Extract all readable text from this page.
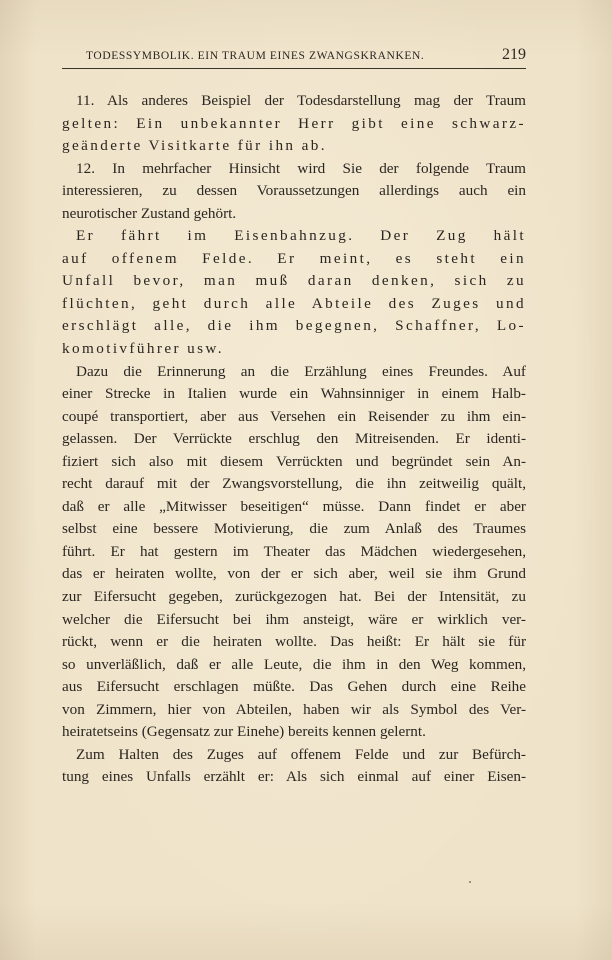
TODESSYMBOLIK. EIN TRAUM EINES ZWANGSKRANKEN.	219
11. Als anderes Beispiel der Todesdarstellung mag der Traum
gelten: Ein unbekannter Herr gibt eine schwarz-
geänderte Visitkarte für ihn ab.
12. In mehrfacher Hinsicht wird Sie der folgende Traum
interessieren, zu dessen Voraussetzungen allerdings auch ein
neurotischer Zustand gehört.
Er fährt im Eisenbahnzug. Der Zug hält
auf offenem Felde. Er meint, es steht ein
Unfall bevor, man muß daran denken, sich zu
flüchten, geht durch alle Abteile des Zuges und
erschlägt alle, die ihm begegnen, Schaffner, Lo-
komotivführer usw.
Dazu die Erinnerung an die Erzählung eines Freundes. Auf
einer Strecke in Italien wurde ein Wahnsinniger in einem Halb-
coupé transportiert, aber aus Versehen ein Reisender zu ihm ein-
gelassen. Der Verrückte erschlug den Mitreisenden. Er identi-
fiziert sich also mit diesem Verrückten und begründet sein An-
recht darauf mit der Zwangsvorstellung, die ihn zeitweilig quält,
daß er alle „Mitwisser beseitigen“ müsse. Dann findet er aber
selbst eine bessere Motivierung, die zum Anlaß des Traumes
führt. Er hat gestern im Theater das Mädchen wiedergesehen,
das er heiraten wollte, von der er sich aber, weil sie ihm Grund
zur Eifersucht gegeben, zurückgezogen hat. Bei der Intensität, zu
welcher die Eifersucht bei ihm ansteigt, wäre er wirklich ver-
rückt, wenn er die heiraten wollte. Das heißt: Er hält sie für
so unverläßlich, daß er alle Leute, die ihm in den Weg kommen,
aus Eifersucht erschlagen müßte. Das Gehen durch eine Reihe
von Zimmern, hier von Abteilen, haben wir als Symbol des Ver-
heiratetseins (Gegensatz zur Einehe) bereits kennen gelernt.
Zum Halten des Zuges auf offenem Felde und zur Befürch-
tung eines Unfalls erzählt er: Als sich einmal auf einer Eisen-
